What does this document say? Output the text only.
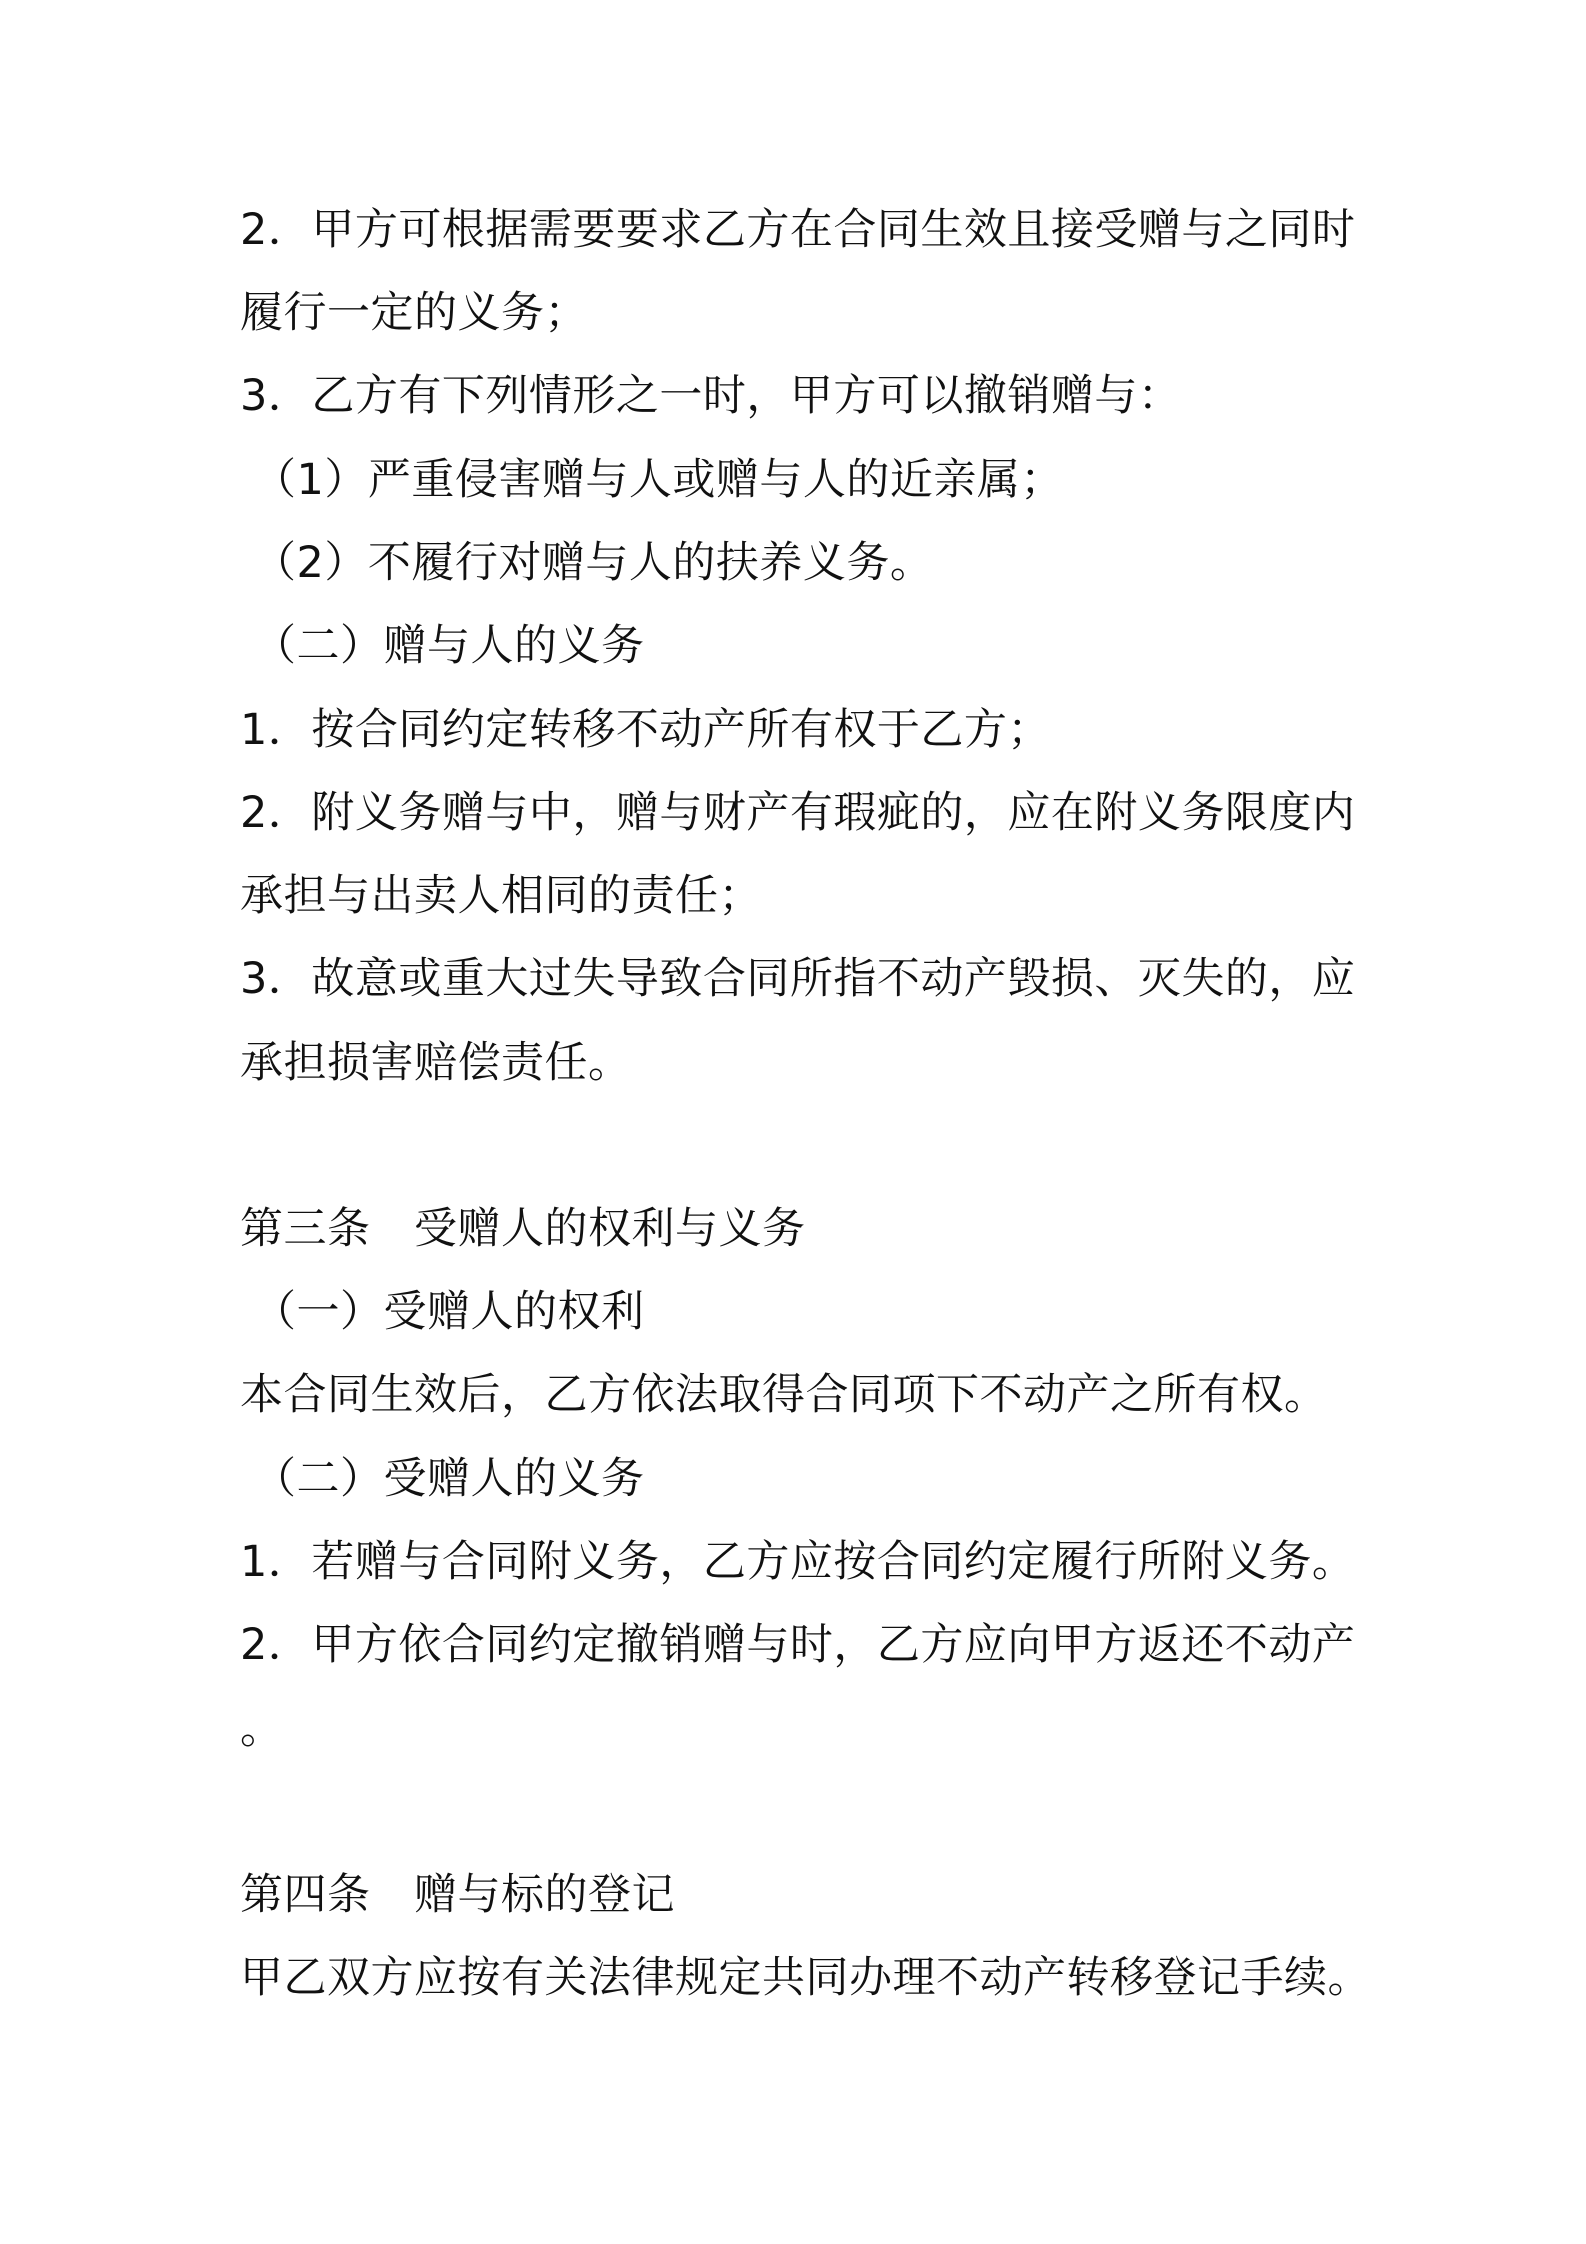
2．甲方可根据需要要求乙方在合同生效且接受赠与之同时
履行一定的义务；
3．乙方有下列情形之一时，甲方可以撤销赠与：
（1）严重侵害赠与人或赠与人的近亲属；
（2）不履行对赠与人的扶养义务。
（二）赠与人的义务
1．按合同约定转移不动产所有权于乙方；
2．附义务赠与中，赠与财产有瑕疵的，应在附义务限度内
承担与出卖人相同的责任；
3．故意或重大过失导致合同所指不动产毁损、灭失的，应
承担损害赔偿责任。
第三条　受赠人的权利与义务
（一）受赠人的权利
本合同生效后，乙方依法取得合同项下不动产之所有权。
（二）受赠人的义务
1．若赠与合同附义务，乙方应按合同约定履行所附义务。
2．甲方依合同约定撤销赠与时，乙方应向甲方返还不动产
。
第四条　赠与标的登记
甲乙双方应按有关法律规定共同办理不动产转移登记手续。
